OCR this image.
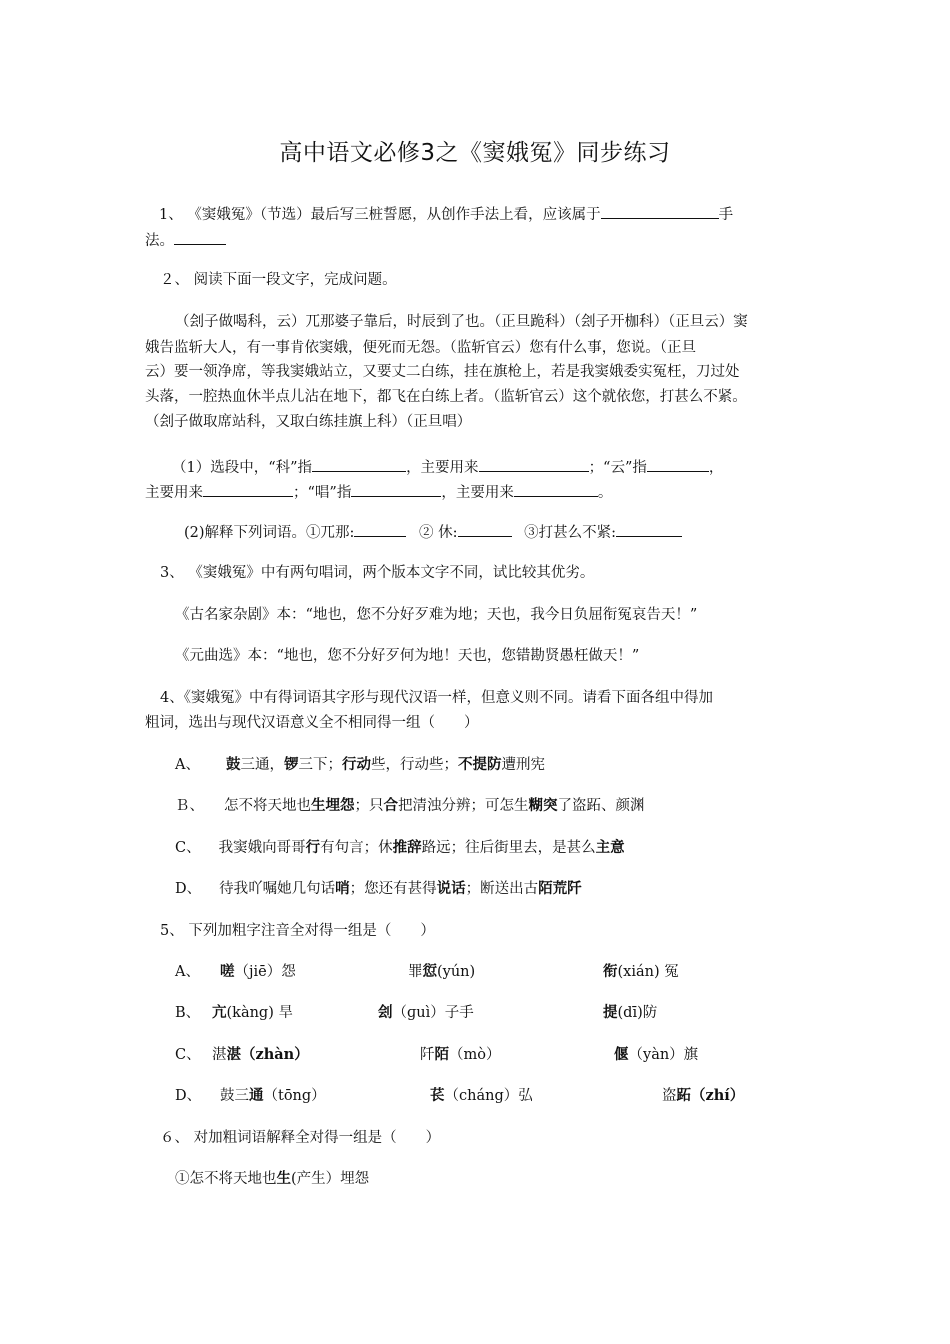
高中语文必修3之《窦娥冤》同步练习
1、 《窦娥冤》（节选）最后写三桩誓愿，从创作手法上看，应该属于	手
法。
２、 阅读下面一段文字，完成问题。
（刽子做喝科，云）兀那婆子靠后，时辰到了也。（正旦跪科）（刽子开枷科）（正旦云）窦
娥告监斩大人，有一事肯依窦娥，便死而无怨。（监斩官云）您有什么事，您说。（正旦
云）要一领净席，等我窦娥站立，又要丈二白练，挂在旗枪上，若是我窦娥委实冤枉，刀过处
头落，一腔热血休半点儿沾在地下，都飞在白练上者。（监斩官云）这个就依您，打甚么不紧。
（刽子做取席站科，又取白练挂旗上科）（正旦唱）
（1）选段中，“科”指	，主要用来	；“云”指	，
主要用来	；“唱”指	，主要用来	。
(2)解释下列词语。①兀那:	② 休:	③打甚么不紧:
3、 《窦娥冤》中有两句唱词，两个版本文字不同，试比较其优劣。
《古名家杂剧》本：“地也，您不分好歹难为地；天也，我今日负屈衔冤哀告天！”
《元曲选》本：“地也，您不分好歹何为地！天也，您错勘贤愚枉做天！”
4、《窦娥冤》中有得词语其字形与现代汉语一样，但意义则不同。请看下面各组中得加
粗词，选出与现代汉语意义全不相同得一组（　　）
A、 鼓三通，锣三下；行动些，行动些；不提防遭刑宪
Ｂ、 怎不将天地也生埋怨；只合把清浊分辨；可怎生糊突了盗跖、颜渊
C、 我窦娥向哥哥行有句言；休推辞路远；往后街里去，是甚么主意
D、 待我吖嘱她几句话哨；您还有甚得说话；断送出古陌荒阡
5、 下列加粗字注音全对得一组是（　　）
A、 嗟（jiē）怨	罪愆(yún)	衔(xián) 冤
B、 亢(kàng) 旱	刽（ɡuì）子手	提(dī)防
C、 湛湛（zhàn）	阡陌（mò）	偃（yàn）旗
D、 鼓三通（tōng）	苌（cháng）弘	盗跖（zhí）
６、 对加粗词语解释全对得一组是（　　）
①怎不将天地也生(产生）埋怨
